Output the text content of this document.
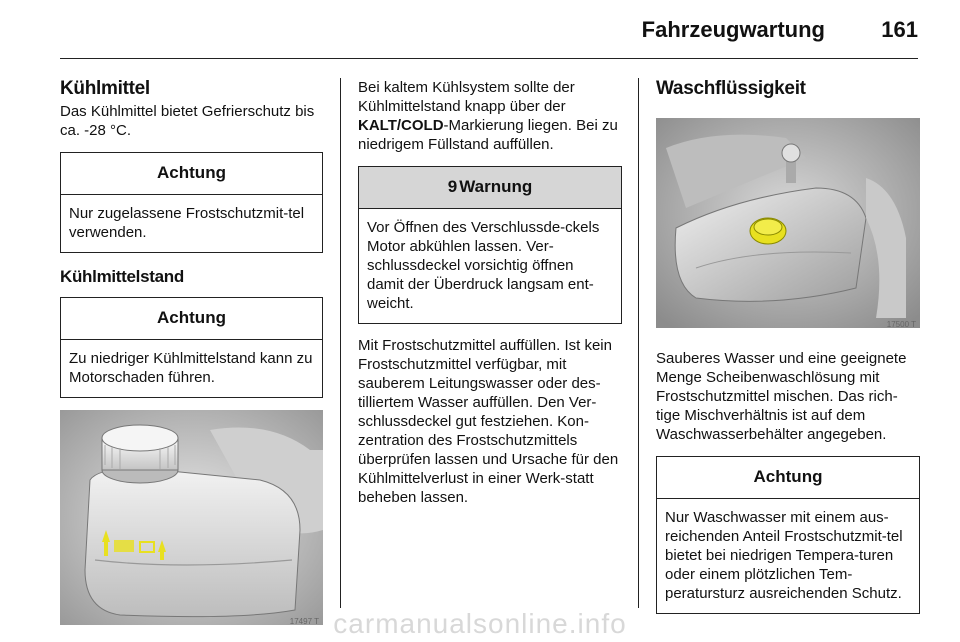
Fahrzeugwartung	161
Kühlmittel

Das Kühlmittel bietet Gefrierschutz bis ca. -28 °C.

Achtung
Nur zugelassene Frostschutzmit-tel verwenden.
Kühlmittelstand
Achtung
Zu niedriger Kühlmittelstand kann zu Motorschaden führen.
17497 T

Bei kaltem Kühlsystem sollte der Kühlmittelstand knapp über der KALT/COLD-Markierung liegen. Bei zu niedrigem Füllstand auffüllen.

9 Warnung
Vor Öffnen des Verschlussde-ckels Motor abkühlen lassen. Ver-schlussdeckel vorsichtig öffnen damit der Überdruck langsam ent-weicht.

Mit Frostschutzmittel auffüllen. Ist kein Frostschutzmittel verfügbar, mit sauberem Leitungswasser oder des-tilliertem Wasser auffüllen. Den Ver-schlussdeckel gut festziehen. Kon-zentration des Frostschutzmittels überprüfen lassen und Ursache für den Kühlmittelverlust in einer Werk-statt beheben lassen.

Waschflüssigkeit
17500 T

Sauberes Wasser und eine geeignete Menge Scheibenwaschlösung mit Frostschutzmittel mischen. Das rich-tige Mischverhältnis ist auf dem Waschwasserbehälter angegeben.

Achtung
Nur Waschwasser mit einem aus-reichenden Anteil Frostschutzmit-tel bietet bei niedrigen Tempera-turen oder einem plötzlichen Tem-peratursturz ausreichenden Schutz.
carmanualsonline.info
